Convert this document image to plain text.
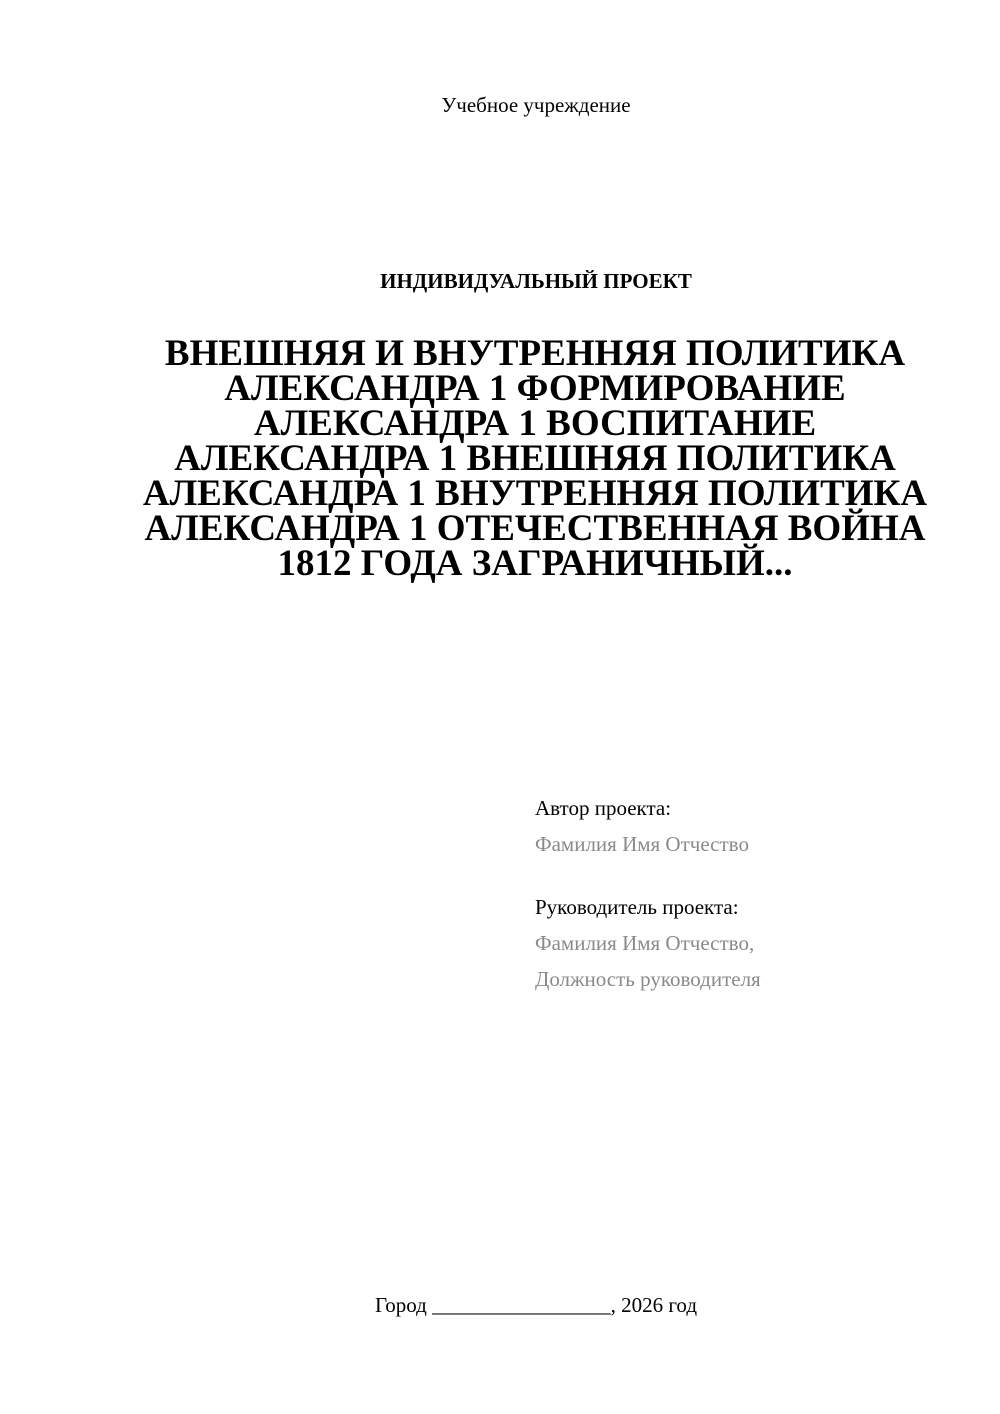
Учебное учреждение
ИНДИВИДУАЛЬНЫЙ ПРОЕКТ
ВНЕШНЯЯ И ВНУТРЕННЯЯ ПОЛИТИКА АЛЕКСАНДРА 1 ФОРМИРОВАНИЕ АЛЕКСАНДРА 1 ВОСПИТАНИЕ АЛЕКСАНДРА 1 ВНЕШНЯЯ ПОЛИТИКА АЛЕКСАНДРА 1 ВНУТРЕННЯЯ ПОЛИТИКА АЛЕКСАНДРА 1 ОТЕЧЕСТВЕННАЯ ВОЙНА 1812 ГОДА ЗАГРАНИЧНЫЙ...
Автор проекта:
Фамилия Имя Отчество
Руководитель проекта:
Фамилия Имя Отчество,
Должность руководителя
Город _________________, 2026 год
